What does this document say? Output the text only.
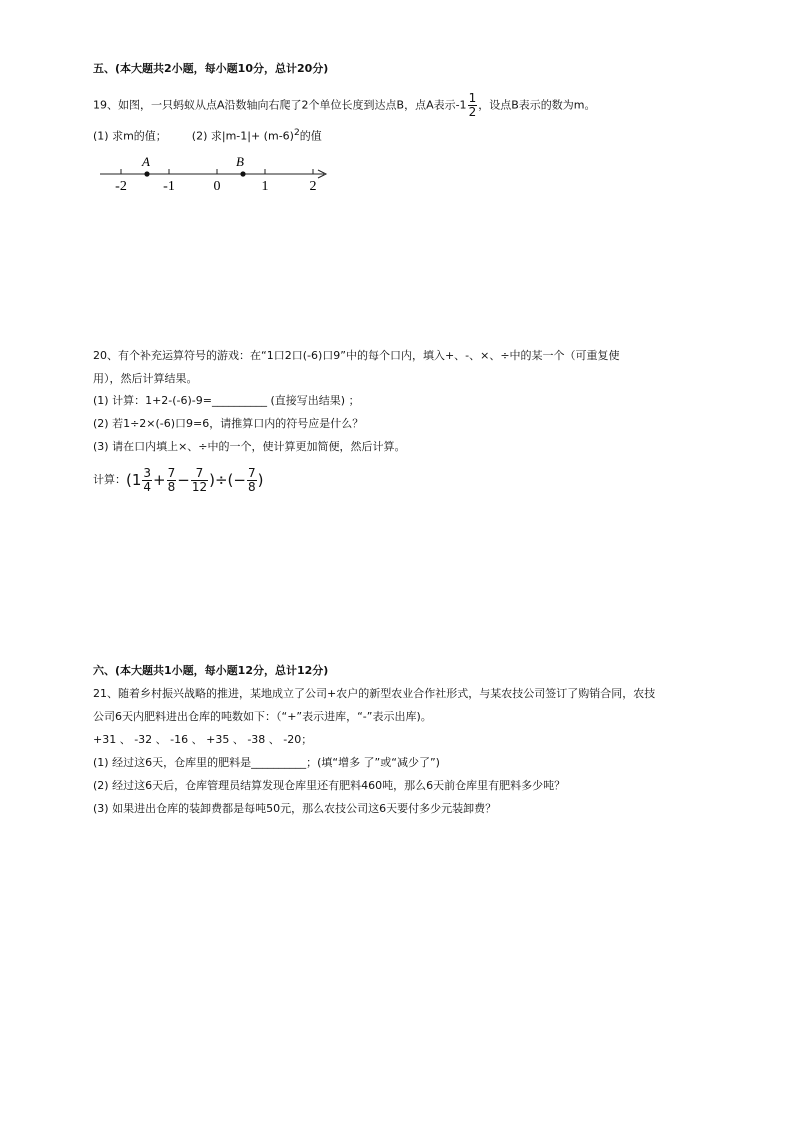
五、(本大题共2小题，每小题10分，总计20分)
19、如图，一只蚂蚁从点A沿数轴向右爬了2个单位长度到达点B，点A表示$-1 \frac{1}{2}$ ，设点B表示的数为m。
(1) 求m的值； (2) 求$|m-1|+ (m-6)^2$的值
A	B
-2	-1	0	1	2
20、有个补充运算符号的游戏：在“1口2口(-6)口9”中的每个口内，填入+、-、×、÷中的某一个（可重复使
用），然后计算结果。
(1) 计算：1+2-(-6)-9=__________ (直接写出结果) ；
(2) 若1÷2×(-6)口9=6，请推算口内的符号应是什么？
(3) 请在口内填上×、÷中的一个，使计算更加简便，然后计算。
计算：($1 \frac{3}{4} + \frac{7}{8} - \frac{7}{12}$ )÷(− $\frac{7}{8}$ )
六、(本大题共1小题，每小题12分，总计12分)
21、随着乡村振兴战略的推进，某地成立了公司+农户的新型农业合作社形式，与某农技公司签订了购销合同，农技
公司6天内肥料进出仓库的吨数如下：（“+”表示进库，“-”表示出库)。
+31 、 -32 、 -16 、 +35 、 -38 、 -20；
(1) 经过这6天，仓库里的肥料是__________；(填“增多 了”或“减少了”)
(2) 经过这6天后，仓库管理员结算发现仓库里还有肥料460吨，那么6天前仓库里有肥料多少吨？
(3) 如果进出仓库的装卸费都是每吨50元，那么农技公司这6天要付多少元装卸费？
